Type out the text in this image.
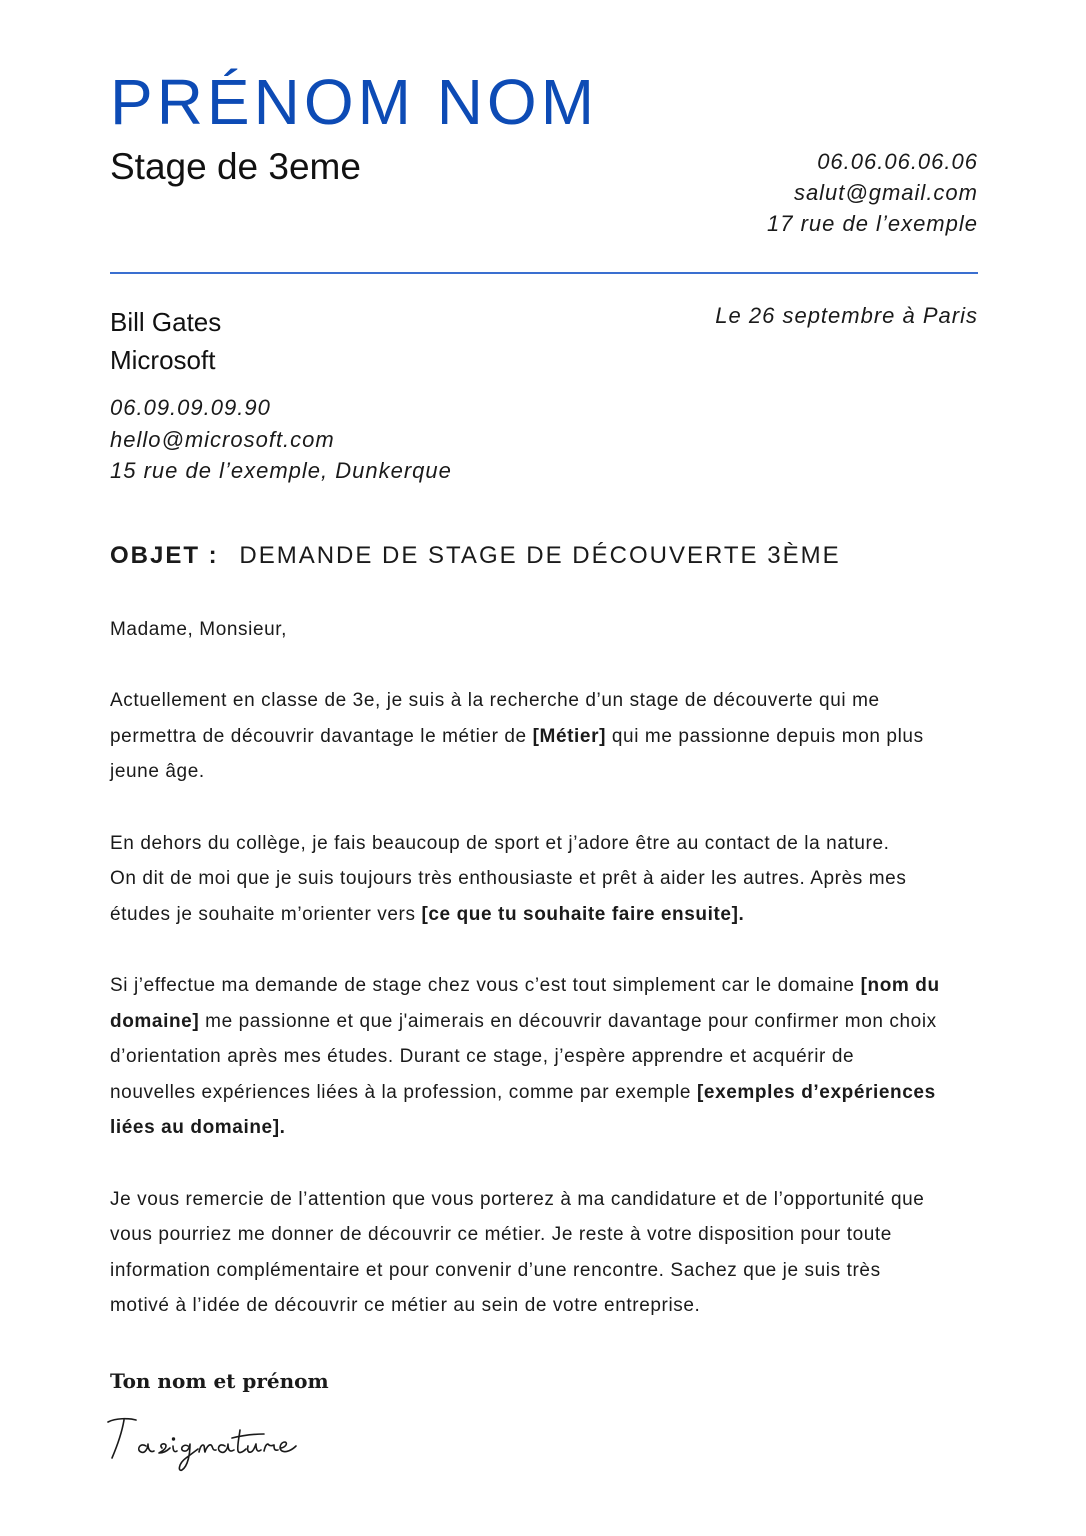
PRÉNOM NOM
Stage de 3eme	06.06.06.06.06
salut@gmail.com
17 rue de l’exemple
Bill Gates
Microsoft
Le 26 septembre à Paris
06.09.09.09.90
hello@microsoft.com
15 rue de l’exemple, Dunkerque
OBJET : DEMANDE DE STAGE DE DÉCOUVERTE 3ÈME

Madame, Monsieur,

Actuellement en classe de 3e, je suis à la recherche d’un stage de découverte qui me

permettra de découvrir davantage le métier de [Métier] qui me passionne depuis mon plus

jeune âge.

En dehors du collège, je fais beaucoup de sport et j’adore être au contact de la nature.

On dit de moi que je suis toujours très enthousiaste et prêt à aider les autres. Après mes

études je souhaite m’orienter vers [ce que tu souhaite faire ensuite].

Si j’effectue ma demande de stage chez vous c’est tout simplement car le domaine [nom du

domaine] me passionne et que j'aimerais en découvrir davantage pour confirmer mon choix

d’orientation après mes études. Durant ce stage, j’espère apprendre et acquérir de

nouvelles expériences liées à la profession, comme par exemple [exemples d’expériences

liées au domaine].

Je vous remercie de l’attention que vous porterez à ma candidature et de l’opportunité que

vous pourriez me donner de découvrir ce métier. Je reste à votre disposition pour toute

information complémentaire et pour convenir d’une rencontre. Sachez que je suis très

motivé à l’idée de découvrir ce métier au sein de votre entreprise.

Ton nom et prénom
